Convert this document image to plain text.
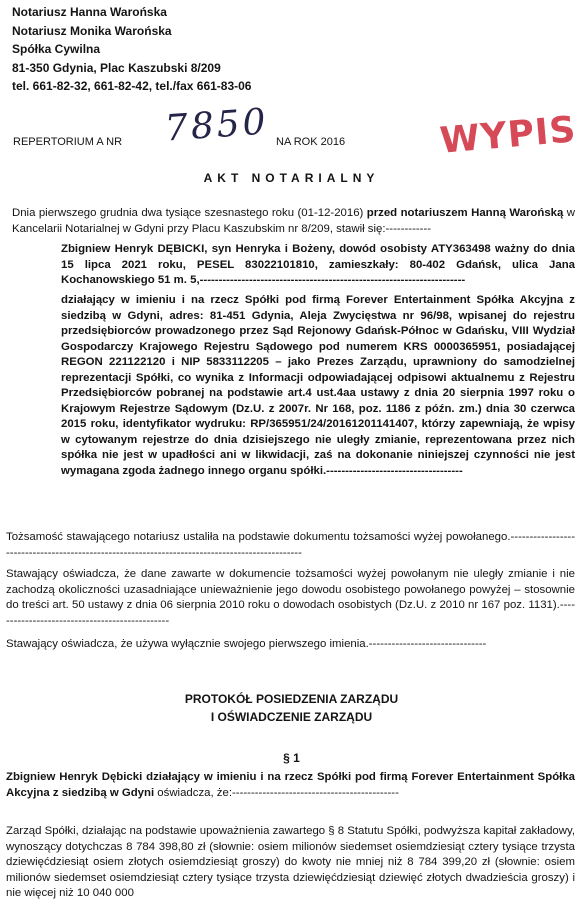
Notariusz Hanna Warońska
Notariusz Monika Warońska
Spółka Cywilna
81-350 Gdynia, Plac Kaszubski 8/209
tel. 661-82-32, 661-82-42, tel./fax 661-83-06
REPERTORIUM A NR 7850 NA ROK 2016	WYPIS
AKT NOTARIALNY

Dnia pierwszego grudnia dwa tysiące szesnastego roku (01-12-2016) przed notariuszem Hanną Warońską w Kancelarii Notarialnej w Gdyni przy Placu Kaszubskim nr 8/209, stawił się:------------

Zbigniew Henryk DĘBICKI, syn Henryka i Bożeny, dowód osobisty ATY363498 ważny do dnia 15 lipca 2021 roku, PESEL 83022101810, zamieszkały: 80-402 Gdańsk, ulica Jana Kochanowskiego 51 m. 5,----------------------------------------------------------------------

działający w imieniu i na rzecz Spółki pod firmą Forever Entertainment Spółka Akcyjna z siedzibą w Gdyni, adres: 81-451 Gdynia, Aleja Zwycięstwa nr 96/98, wpisanej do rejestru przedsiębiorców prowadzonego przez Sąd Rejonowy Gdańsk-Północ w Gdańsku, VIII Wydział Gospodarczy Krajowego Rejestru Sądowego pod numerem KRS 0000365951, posiadającej REGON 221122120 i NIP 5833112205 – jako Prezes Zarządu, uprawniony do samodzielnej reprezentacji Spółki, co wynika z Informacji odpowiadającej odpisowi aktualnemu z Rejestru Przedsiębiorców pobranej na podstawie art.4 ust.4aa ustawy z dnia 20 sierpnia 1997 roku o Krajowym Rejestrze Sądowym (Dz.U. z 2007r. Nr 168, poz. 1186 z późn. zm.) dnia 30 czerwca 2015 roku, identyfikator wydruku: RP/365951/24/20161201141407, którzy zapewniają, że wpisy w cytowanym rejestrze do dnia dzisiejszego nie uległy zmianie, reprezentowana przez nich spółka nie jest w upadłości ani w likwidacji, zaś na dokonanie niniejszej czynności nie jest wymagana zgoda żadnego innego organu spółki.------------------------------------

Tożsamość stawającego notariusz ustaliła na podstawie dokumentu tożsamości wyżej powołanego.-----------------------------------------------------------------------------------------------

Stawający oświadcza, że dane zawarte w dokumencie tożsamości wyżej powołanym nie uległy zmianie i nie zachodzą okoliczności uzasadniające unieważnienie jego dowodu osobistego powołanego powyżej – stosownie do treści art. 50 ustawy z dnia 06 sierpnia 2010 roku o dowodach osobistych (Dz.U. z 2010 nr 167 poz. 1131).-----------------------------------------------

Stawający oświadcza, że używa wyłącznie swojego pierwszego imienia.-------------------------------

PROTOKÓŁ POSIEDZENIA ZARZĄDU
I OŚWIADCZENIE ZARZĄDU
§ 1

Zbigniew Henryk Dębicki działający w imieniu i na rzecz Spółki pod firmą Forever Entertainment Spółka Akcyjna z siedzibą w Gdyni oświadcza, że:--------------------------------------------

Zarząd Spółki, działając na podstawie upoważnienia zawartego § 8 Statutu Spółki, podwyższa kapitał zakładowy, wynoszący dotychczas 8 784 398,80 zł (słownie: osiem milionów siedemset osiemdziesiąt cztery tysiące trzysta dziewięćdziesiąt osiem złotych osiemdziesiąt groszy) do kwoty nie mniej niż 8 784 399,20 zł (słownie: osiem milionów siedemset osiemdziesiąt cztery tysiące trzysta dziewięćdziesiąt dziewięć złotych dwadzieścia groszy) i nie więcej niż 10 040 000
